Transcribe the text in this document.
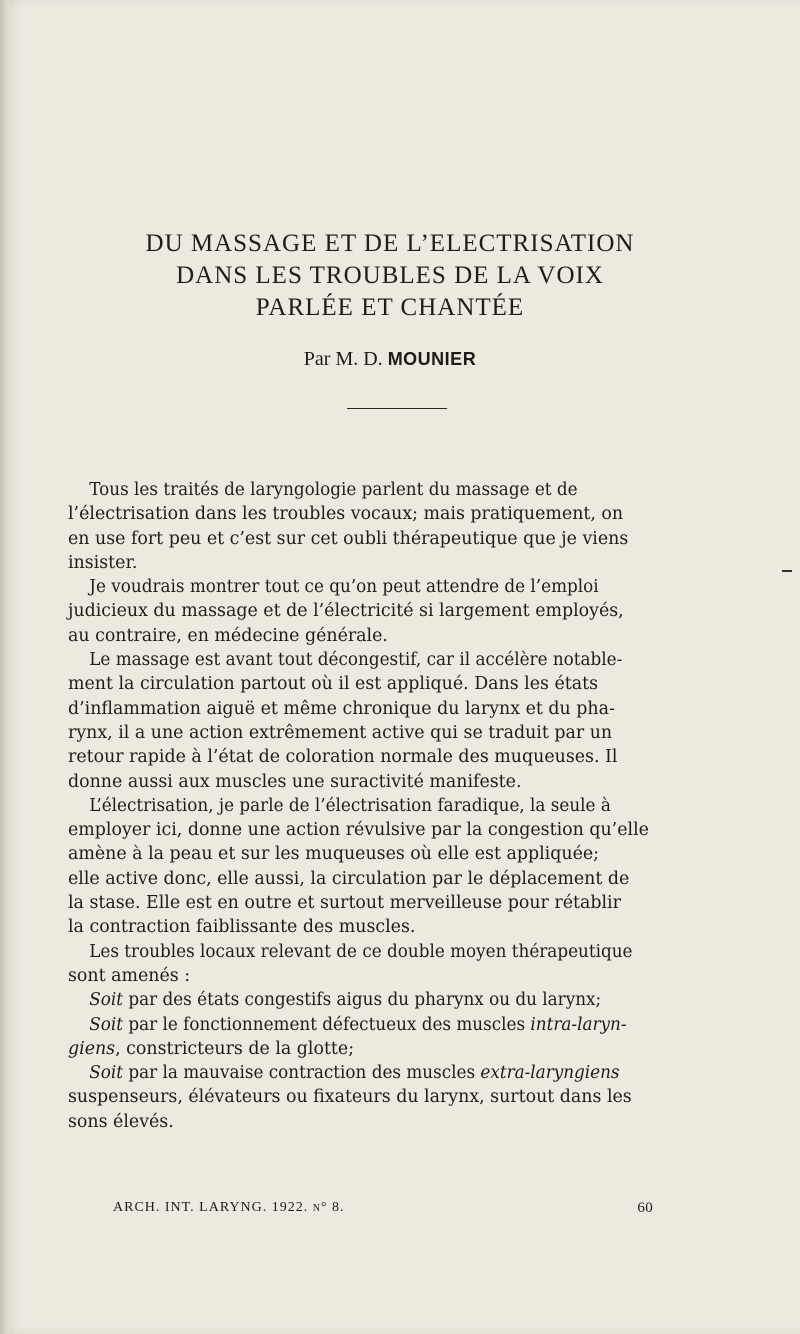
DU MASSAGE ET DE L’ELECTRISATION
DANS LES TROUBLES DE LA VOIX
PARLÉE ET CHANTÉE
Par M. D. MOUNIER

Tous les traités de laryngologie parlent du massage et de
l’électrisation dans les troubles vocaux; mais pratiquement, on
en use fort peu et c’est sur cet oubli thérapeutique que je viens
insister.

Je voudrais montrer tout ce qu’on peut attendre de l’emploi
judicieux du massage et de l’électricité si largement employés,
au contraire, en médecine générale.

Le massage est avant tout décongestif, car il accélère notable-
ment la circulation partout où il est appliqué. Dans les états
d’inflammation aiguë et même chronique du larynx et du pha-
rynx, il a une action extrêmement active qui se traduit par un
retour rapide à l’état de coloration normale des muqueuses. Il
donne aussi aux muscles une suractivité manifeste.

L’électrisation, je parle de l’électrisation faradique, la seule à
employer ici, donne une action révulsive par la congestion qu’elle
amène à la peau et sur les muqueuses où elle est appliquée;
elle active donc, elle aussi, la circulation par le déplacement de
la stase. Elle est en outre et surtout merveilleuse pour rétablir
la contraction faiblissante des muscles.

Les troubles locaux relevant de ce double moyen thérapeutique
sont amenés :

Soit par des états congestifs aigus du pharynx ou du larynx;

Soit par le fonctionnement défectueux des muscles intra-laryn-
giens, constricteurs de la glotte;

Soit par la mauvaise contraction des muscles extra-laryngiens
suspenseurs, élévateurs ou fixateurs du larynx, surtout dans les
sons élevés.

ARCH. INT. LARYNG. 1922. n° 8.	60
